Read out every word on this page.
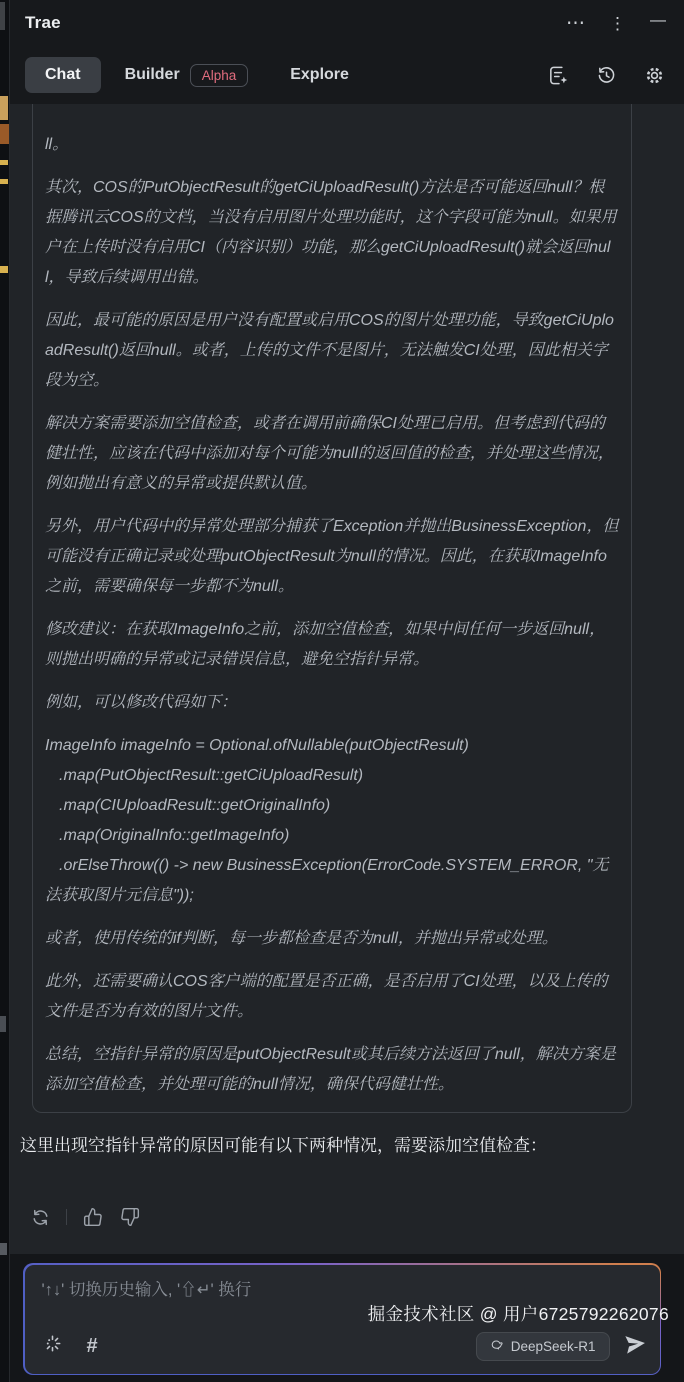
Trae	⋯ ⋮ —
Chat	Builder	Alpha	Explore

ll。

其次，COS的PutObjectResult的getCiUploadResult()方法是否可能返回null？根据腾讯云COS的文档，当没有启用图片处理功能时，这个字段可能为null。如果用户在上传时没有启用CI（内容识别）功能，那么getCiUploadResult()就会返回null，导致后续调用出错。

因此，最可能的原因是用户没有配置或启用COS的图片处理功能，导致getCiUploadResult()返回null。或者，上传的文件不是图片，无法触发CI处理，因此相关字段为空。

解决方案需要添加空值检查，或者在调用前确保CI处理已启用。但考虑到代码的健壮性，应该在代码中添加对每个可能为null的返回值的检查，并处理这些情况，例如抛出有意义的异常或提供默认值。

另外，用户代码中的异常处理部分捕获了Exception并抛出BusinessException，但可能没有正确记录或处理putObjectResult为null的情况。因此，在获取ImageInfo之前，需要确保每一步都不为null。

修改建议：在获取ImageInfo之前，添加空值检查，如果中间任何一步返回null，则抛出明确的异常或记录错误信息，避免空指针异常。

例如，可以修改代码如下：

ImageInfo imageInfo = Optional.ofNullable(putObjectResult)

.map(PutObjectResult::getCiUploadResult)

.map(CIUploadResult::getOriginalInfo)

.map(OriginalInfo::getImageInfo)

.orElseThrow(() -> new BusinessException(ErrorCode.SYSTEM_ERROR, "无法获取图片元信息"));

或者，使用传统的if判断，每一步都检查是否为null，并抛出异常或处理。

此外，还需要确认COS客户端的配置是否正确，是否启用了CI处理，以及上传的文件是否为有效的图片文件。

总结，空指针异常的原因是putObjectResult或其后续方法返回了null，解决方案是添加空值检查，并处理可能的null情况，确保代码健壮性。

这里出现空指针异常的原因可能有以下两种情况，需要添加空值检查：

'↑↓' 切换历史输入, '⇧↵' 换行
#	DeepSeek-R1
掘金技术社区 @ 用户6725792262076
